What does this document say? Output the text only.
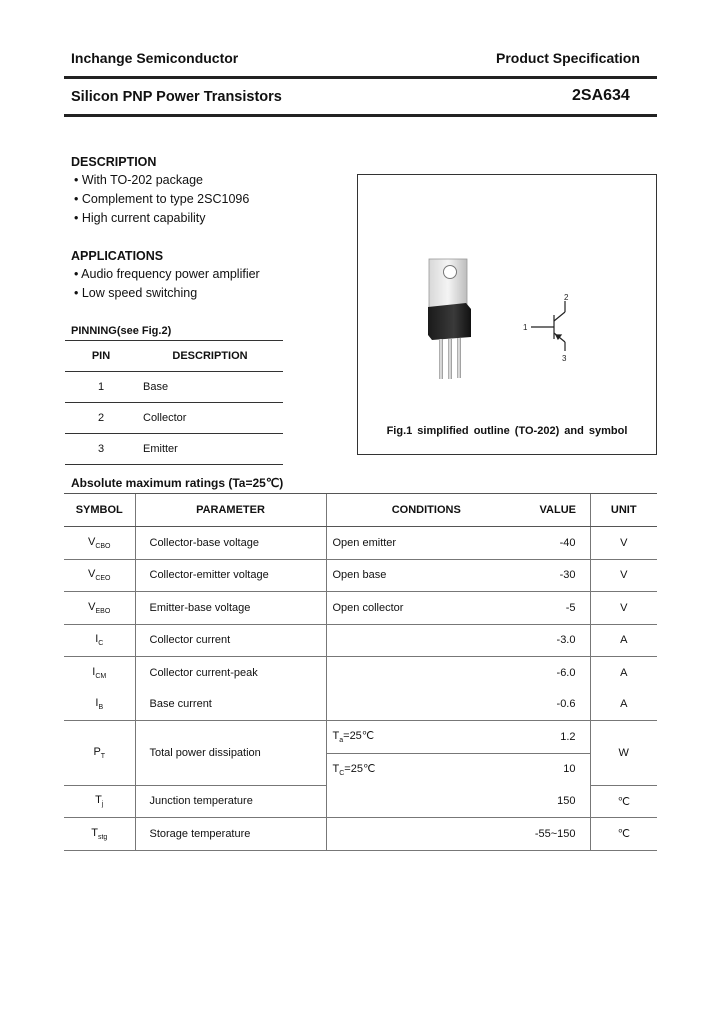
Inchange Semiconductor	Product Specification
Silicon PNP Power Transistors	2SA634
DESCRIPTION
• With TO-202 package
• Complement to type 2SC1096
• High current capability
APPLICATIONS
• Audio frequency power amplifier
• Low speed switching
PINNING(see Fig.2)
PIN	DESCRIPTION
1	Base
2	Collector
3	Emitter
1
2
3
Fig.1 simplified outline (TO-202) and symbol
Absolute maximum ratings (Ta=25℃)
SYMBOL	PARAMETER	CONDITIONS	VALUE	UNIT
$V_{CBO}$	Collector-base voltage	Open emitter	-40	V
$V_{CEO}$	Collector-emitter voltage	Open base	-30	V
$V_{EBO}$	Emitter-base voltage	Open collector	-5	V
$I_C$	Collector current		-3.0	A
$I_{CM}$	Collector current-peak		-6.0	A
$I_B$	Base current		-0.6	A
$P_T$	Total power dissipation	$T_a=25℃$	1.2	W
		$T_C=25℃$	10	
$T_j$	Junction temperature		150	℃
$T_{stg}$	Storage temperature		-55~150	℃
